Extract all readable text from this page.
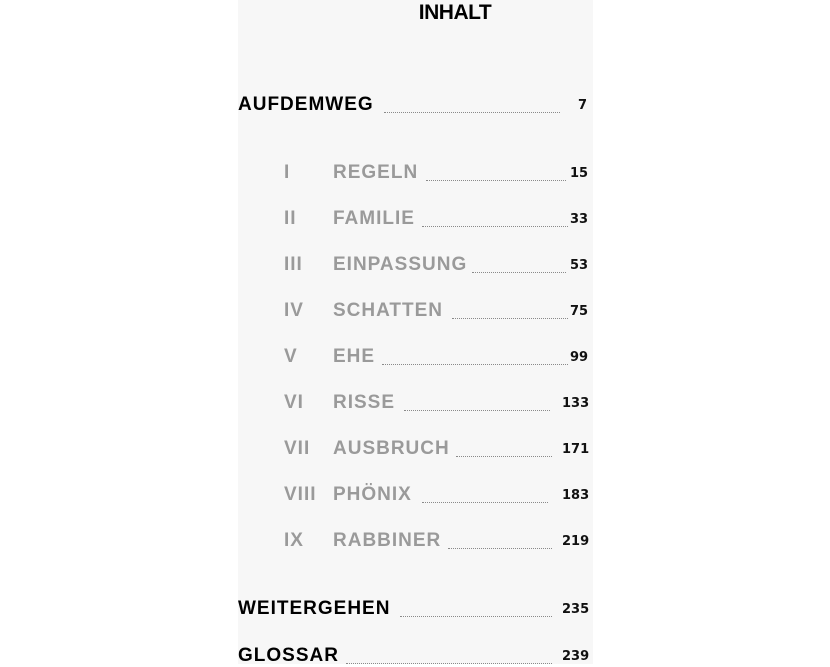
INHALT
AUFDEMWEG	7
I REGELN	15
II FAMILIE	33
III EINPASSUNG	53
IV SCHATTEN	75
V EHE	99
VI RISSE	133
VII AUSBRUCH	171
VIII PHÖNIX	183
IX RABBINER	219
WEITERGEHEN	235
GLOSSAR	239
